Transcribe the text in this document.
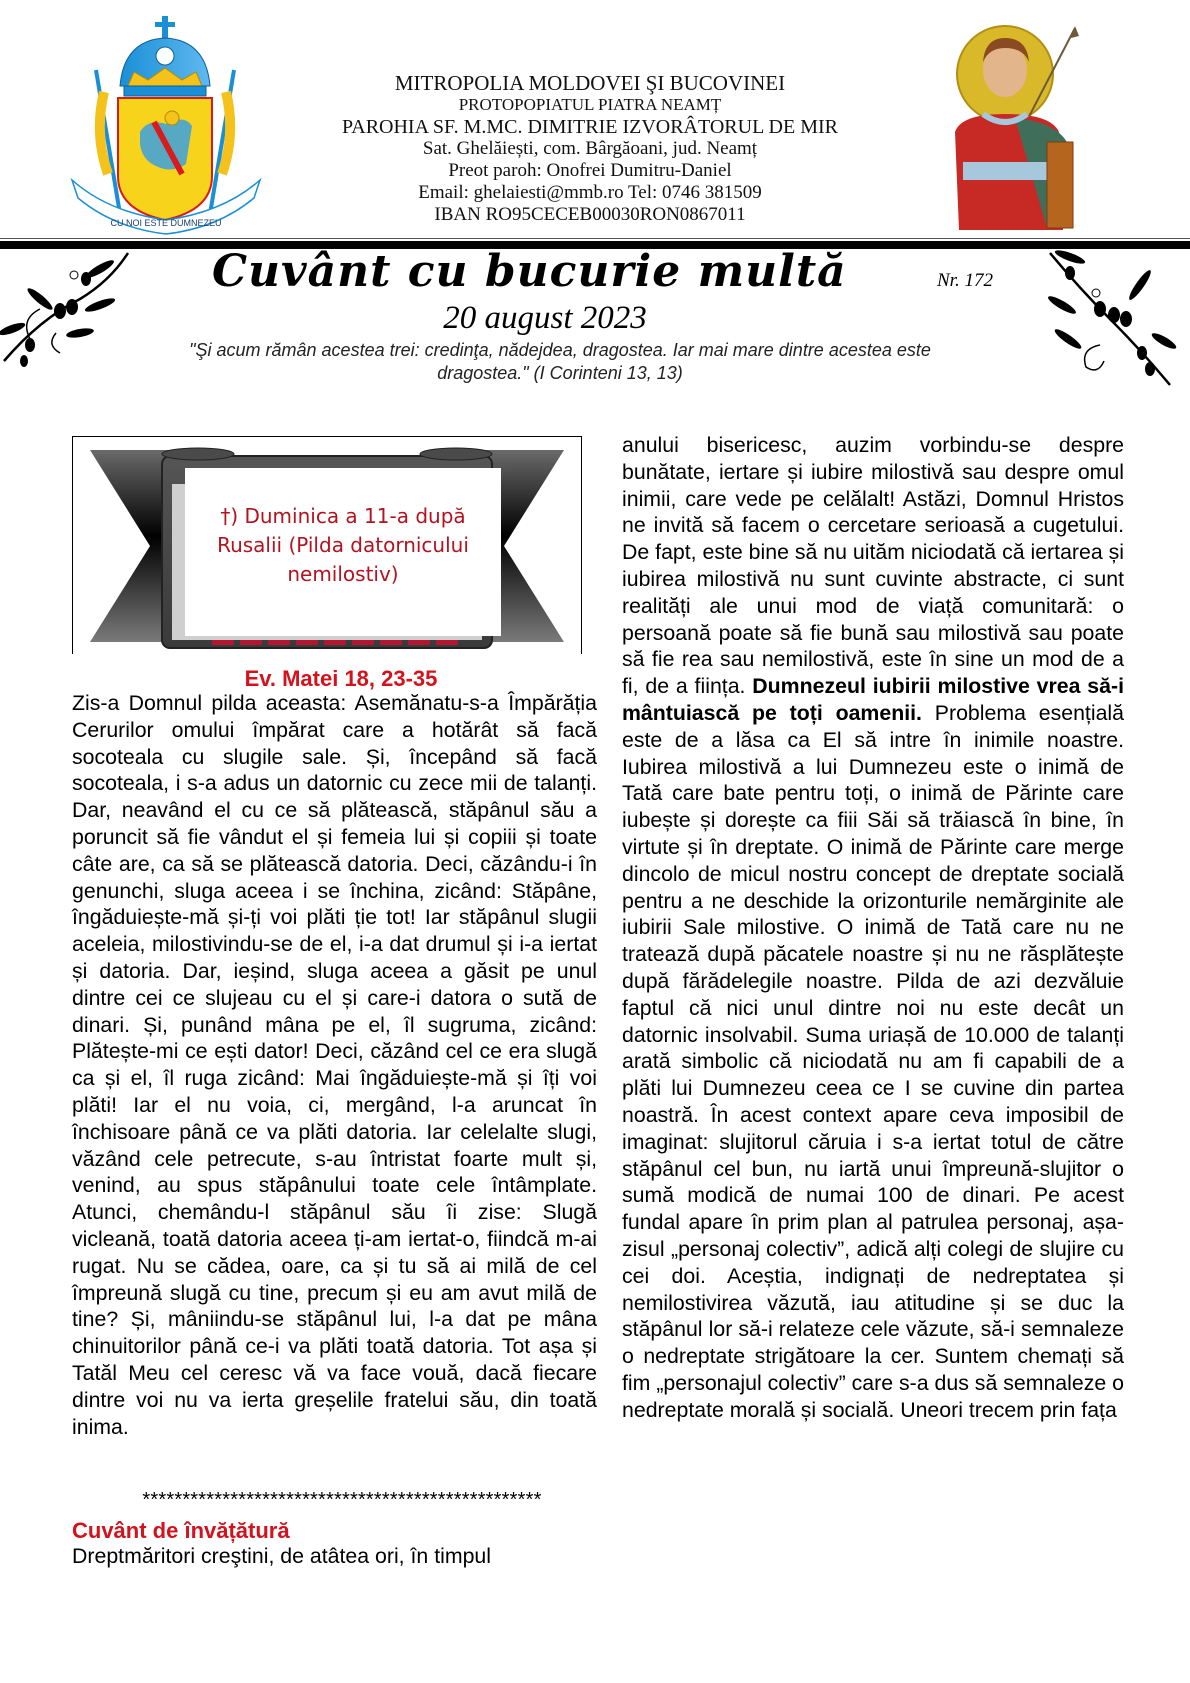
CU NOI ESTE DUMNEZEU
MITROPOLIA MOLDOVEI ŞI BUCOVINEI
PROTOPOPIATUL PIATRA NEAMȚ
PAROHIA SF. M.MC. DIMITRIE IZVORÂTORUL DE MIR
Sat. Ghelăiești, com. Bârgăoani, jud. Neamț
Preot paroh: Onofrei Dumitru-Daniel
Email: ghelaiesti@mmb.ro Tel: 0746 381509
IBAN RO95CECEB00030RON0867011
Cuvânt cu bucurie multă	Nr. 172
20 august 2023
"Şi acum rămân acestea trei: credinţa, nădejdea, dragostea. Iar mai mare dintre acestea este
dragostea." (I Corinteni 13, 13)
†) Duminica a 11-a după
Rusalii (Pilda datornicului
nemilostiv)
Ev. Matei 18, 23-35

Zis-a Domnul pilda aceasta: Asemănatu-s-a Împărăția Cerurilor omului împărat care a hotărât să facă socoteala cu slugile sale. Și, începând să facă socoteala, i s-a adus un datornic cu zece mii de talanți. Dar, neavând el cu ce să plătească, stăpânul său a poruncit să fie vândut el și femeia lui și copiii și toate câte are, ca să se plătească datoria. Deci, căzându-i în genunchi, sluga aceea i se închina, zicând: Stăpâne, îngăduiește-mă și-ți voi plăti ție tot! Iar stăpânul slugii aceleia, milostivindu-se de el, i-a dat drumul și i-a iertat și datoria. Dar, ieșind, sluga aceea a găsit pe unul dintre cei ce slujeau cu el și care-i datora o sută de dinari. Și, punând mâna pe el, îl sugruma, zicând: Plătește-mi ce ești dator! Deci, căzând cel ce era slugă ca și el, îl ruga zicând: Mai îngăduiește-mă și îți voi plăti! Iar el nu voia, ci, mergând, l-a aruncat în închisoare până ce va plăti datoria. Iar celelalte slugi, văzând cele petrecute, s-au întristat foarte mult și, venind, au spus stăpânului toate cele întâmplate. Atunci, chemându-l stăpânul său îi zise: Slugă vicleană, toată datoria aceea ți-am iertat-o, fiindcă m-ai rugat. Nu se cădea, oare, ca și tu să ai milă de cel împreună slugă cu tine, precum și eu am avut milă de tine? Și, mâniindu-se stăpânul lui, l-a dat pe mâna chinuitorilor până ce-i va plăti toată datoria. Tot așa și Tatăl Meu cel ceresc vă va face vouă, dacă fiecare dintre voi nu va ierta greșelile fratelui său, din toată inima.

**************************************************
Cuvânt de învățătură
Dreptmăritori creştini, de atâtea ori, în timpul

anului bisericesc, auzim vorbindu-se despre bunătate, iertare și iubire milostivă sau despre omul inimii, care vede pe celălalt! Astăzi, Domnul Hristos ne invită să facem o cercetare serioasă a cugetului. De fapt, este bine să nu uităm niciodată că iertarea și iubirea milostivă nu sunt cuvinte abstracte, ci sunt realități ale unui mod de viață comunitară: o persoană poate să fie bună sau milostivă sau poate să fie rea sau nemilostivă, este în sine un mod de a fi, de a ființa. Dumnezeul iubirii milostive vrea să-i mântuiască pe toți oamenii. Problema esențială este de a lăsa ca El să intre în inimile noastre. Iubirea milostivă a lui Dumnezeu este o inimă de Tată care bate pentru toți, o inimă de Părinte care iubește și dorește ca fiii Săi să trăiască în bine, în virtute și în dreptate. O inimă de Părinte care merge dincolo de micul nostru concept de dreptate socială pentru a ne deschide la orizonturile nemărginite ale iubirii Sale milostive. O inimă de Tată care nu ne tratează după păcatele noastre și nu ne răsplătește după fărădelegile noastre. Pilda de azi dezvăluie faptul că nici unul dintre noi nu este decât un datornic insolvabil. Suma uriașă de 10.000 de talanți arată simbolic că niciodată nu am fi capabili de a plăti lui Dumnezeu ceea ce I se cuvine din partea noastră. În acest context apare ceva imposibil de imaginat: slujitorul căruia i s-a iertat totul de către stăpânul cel bun, nu iartă unui împreună-slujitor o sumă modică de numai 100 de dinari. Pe acest fundal apare în prim plan al patrulea personaj, așa-zisul „personaj colectiv”, adică alți colegi de slujire cu cei doi. Aceștia, indignați de nedreptatea și nemilostivirea văzută, iau atitudine și se duc la stăpânul lor să-i relateze cele văzute, să-i semnaleze o nedreptate strigătoare la cer. Suntem chemați să fim „personajul colectiv” care s-a dus să semnaleze o nedreptate morală și socială. Uneori trecem prin fața
